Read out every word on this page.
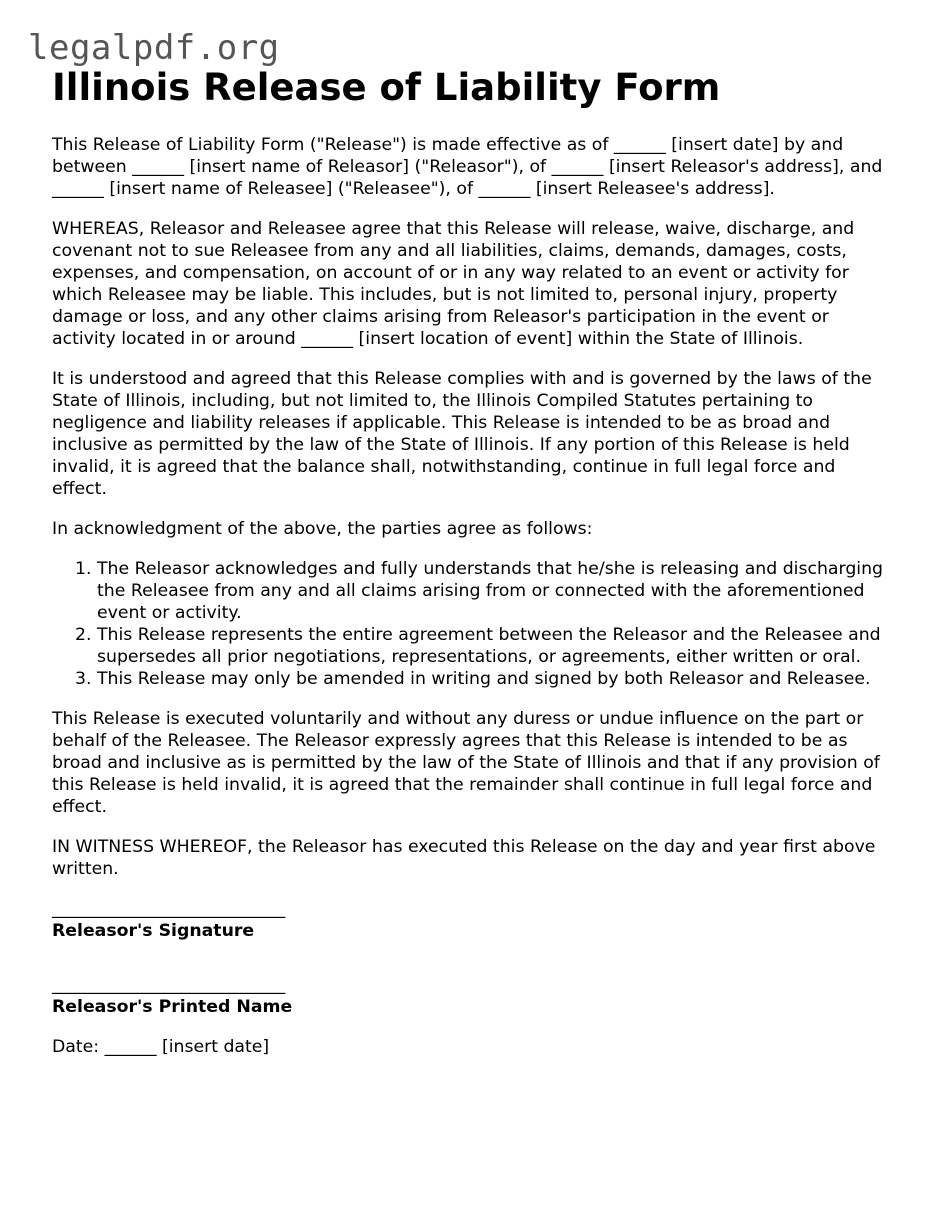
legalpdf.org
Illinois Release of Liability Form

This Release of Liability Form ("Release") is made effective as of ______ [insert date] by and between ______ [insert name of Releasor] ("Releasor"), of ______ [insert Releasor's address], and ______ [insert name of Releasee] ("Releasee"), of ______ [insert Releasee's address].

WHEREAS, Releasor and Releasee agree that this Release will release, waive, discharge, and covenant not to sue Releasee from any and all liabilities, claims, demands, damages, costs, expenses, and compensation, on account of or in any way related to an event or activity for which Releasee may be liable. This includes, but is not limited to, personal injury, property damage or loss, and any other claims arising from Releasor's participation in the event or activity located in or around ______ [insert location of event] within the State of Illinois.

It is understood and agreed that this Release complies with and is governed by the laws of the State of Illinois, including, but not limited to, the Illinois Compiled Statutes pertaining to negligence and liability releases if applicable. This Release is intended to be as broad and inclusive as permitted by the law of the State of Illinois. If any portion of this Release is held invalid, it is agreed that the balance shall, notwithstanding, continue in full legal force and effect.

In acknowledgment of the above, the parties agree as follows:

1. The Releasor acknowledges and fully understands that he/she is releasing and discharging the Releasee from any and all claims arising from or connected with the aforementioned event or activity.
2. This Release represents the entire agreement between the Releasor and the Releasee and supersedes all prior negotiations, representations, or agreements, either written or oral.
3. This Release may only be amended in writing and signed by both Releasor and Releasee.

This Release is executed voluntarily and without any duress or undue influence on the part or behalf of the Releasee. The Releasor expressly agrees that this Release is intended to be as broad and inclusive as is permitted by the law of the State of Illinois and that if any provision of this Release is held invalid, it is agreed that the remainder shall continue in full legal force and effect.

IN WITNESS WHEREOF, the Releasor has executed this Release on the day and year first above written.

___________________________
Releasor's Signature
___________________________
Releasor's Printed Name
Date: ______ [insert date]
